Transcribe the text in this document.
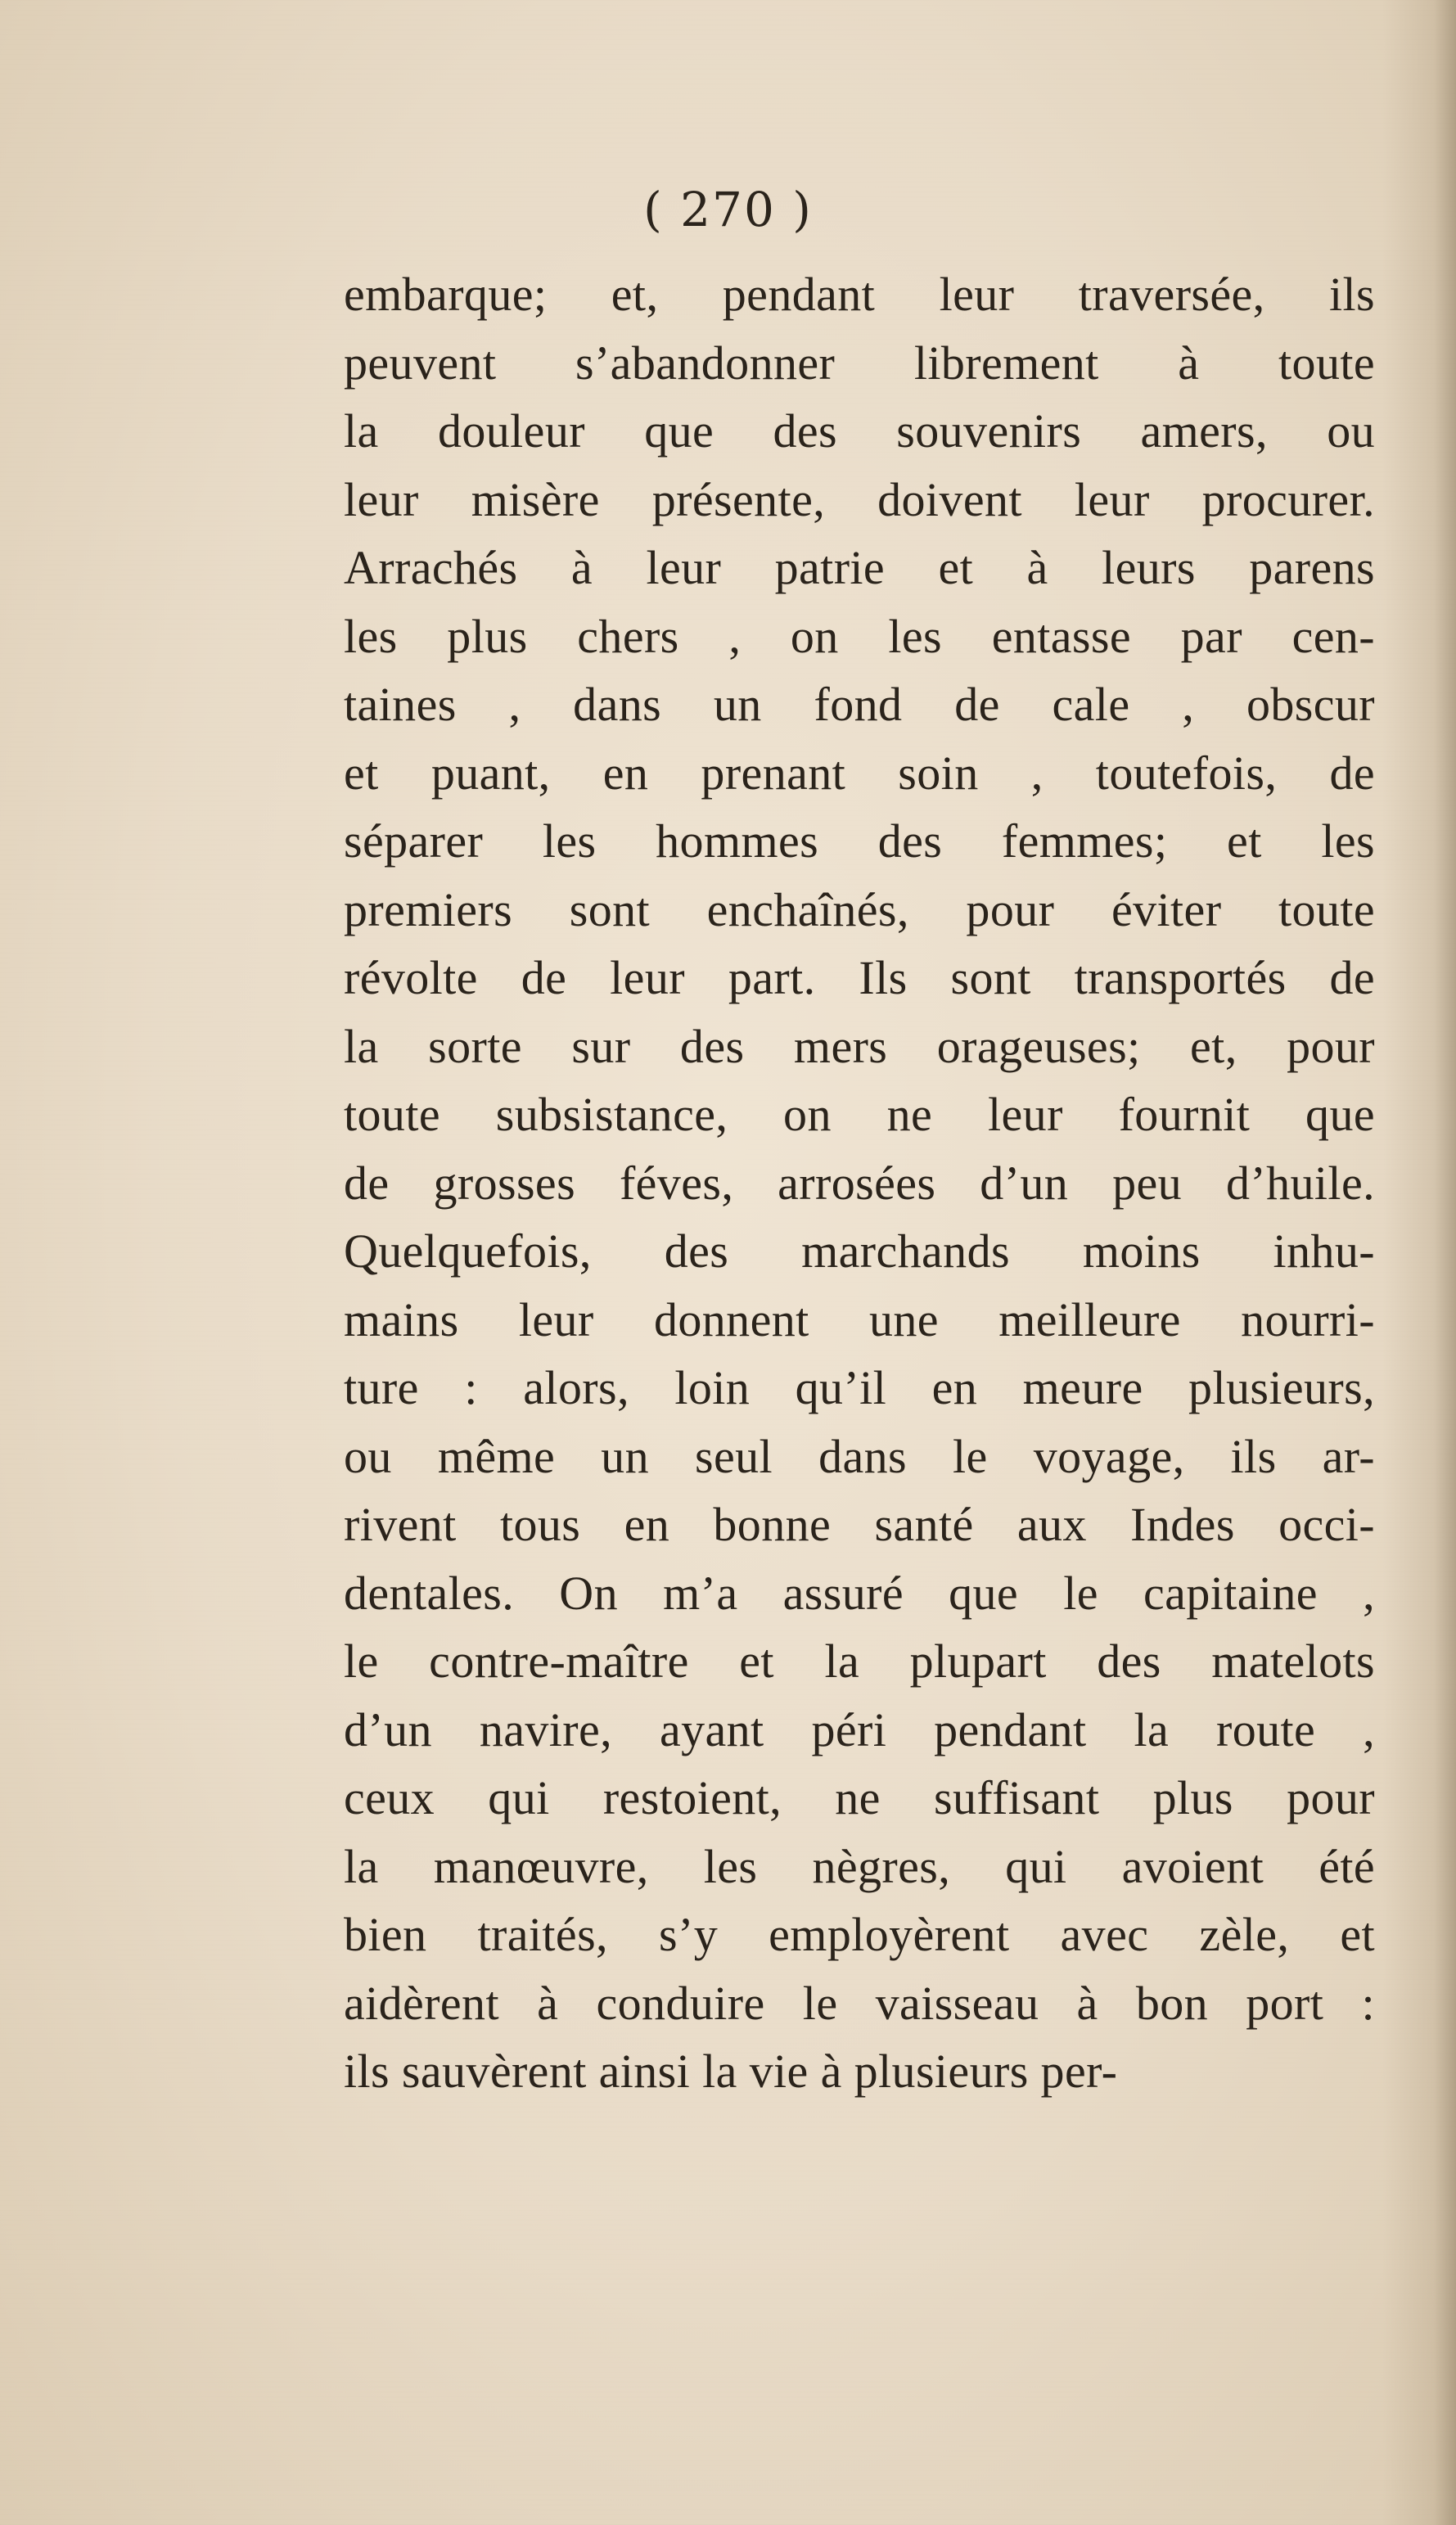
( 270 )
embarque; et, pendant leur traversée, ils
peuvent s’abandonner librement à toute
la douleur que des souvenirs amers, ou
leur misère présente, doivent leur procurer.
Arrachés à leur patrie et à leurs parens
les plus chers , on les entasse par cen-
taines , dans un fond de cale , obscur
et puant, en prenant soin , toutefois, de
séparer les hommes des femmes; et les
premiers sont enchaînés, pour éviter toute
révolte de leur part. Ils sont transportés de
la sorte sur des mers orageuses; et, pour
toute subsistance, on ne leur fournit que
de grosses féves, arrosées d’un peu d’huile.
Quelquefois, des marchands moins inhu-
mains leur donnent une meilleure nourri-
ture : alors, loin qu’il en meure plusieurs,
ou même un seul dans le voyage, ils ar-
rivent tous en bonne santé aux Indes occi-
dentales. On m’a assuré que le capitaine ,
le contre-maître et la plupart des matelots
d’un navire, ayant péri pendant la route ,
ceux qui restoient, ne suffisant plus pour
la manœuvre, les nègres, qui avoient été
bien traités, s’y employèrent avec zèle, et
aidèrent à conduire le vaisseau à bon port :
ils sauvèrent ainsi la vie à plusieurs per-
